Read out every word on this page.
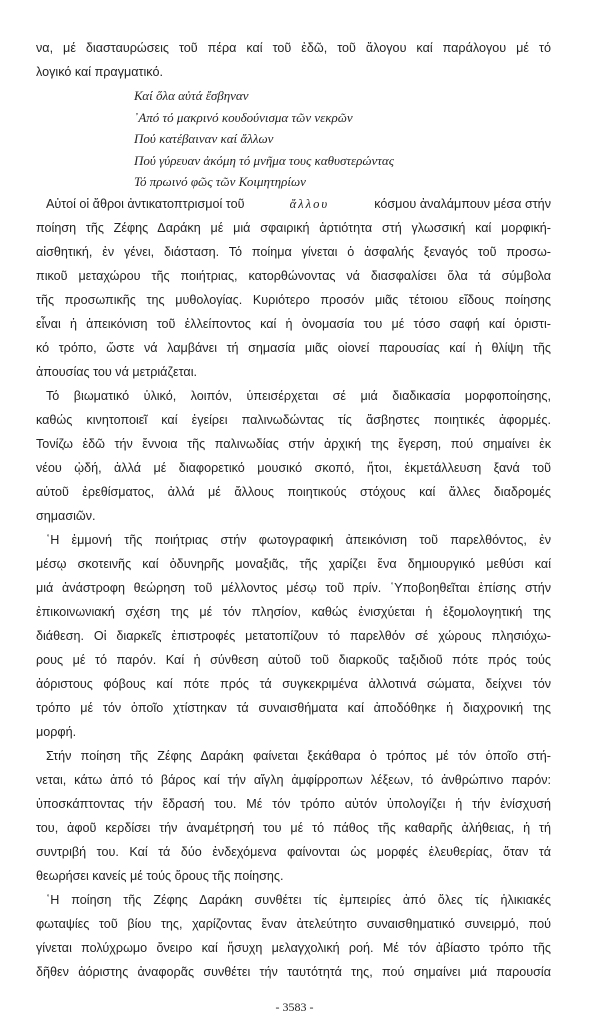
να, μέ διασταυρώσεις τοῦ πέρα καί τοῦ ἐδῶ, τοῦ ἄλογου καί παράλογου μέ τό
λογικό καί πραγματικό.
Καί ὅλα αὐτά ἔσβηναν
᾿Από τό μακρινό κουδούνισμα τῶν νεκρῶν
Πού κατέβαιναν καί ἄλλων
Πού γύρευαν ἀκόμη τό μνῆμα τους καθυστερώντας
Τό πρωινό φῶς τῶν Κοιμητηρίων
Αὐτοί οἱ ἄθροι ἀντικατοπτρισμοί τοῦ	ἄλλου	κόσμου ἀναλάμπουν μέσα στήν
ποίηση τῆς Ζέφης Δαράκη μέ μιά σφαιρική ἀρτιότητα στή γλωσσική καί μορφική-
αἰσθητική, ἐν γένει, διάσταση. Τό ποίημα γίνεται ὁ ἀσφαλής ξεναγός τοῦ προσω-
πικοῦ μεταχώρου τῆς ποιήτριας, κατορθώνοντας νά διασφαλίσει ὅλα τά σύμβολα
τῆς προσωπικῆς της μυθολογίας. Κυριότερο προσόν μιᾶς τέτοιου εἴδους ποίησης
εἶναι ἡ ἀπεικόνιση τοῦ ἐλλείποντος καί ἡ ὀνομασία του μέ τόσο σαφή καί ὁριστι-
κό τρόπο, ὥστε νά λαμβάνει τή σημασία μιᾶς οἱονεί παρουσίας καί ἡ θλίψη τῆς
ἀπουσίας του νά μετριάζεται.
Τό βιωματικό ὑλικό, λοιπόν, ὑπεισέρχεται σέ μιά διαδικασία μορφοποίησης,
καθώς κινητοποιεῖ καί ἐγείρει παλινωδώντας τίς ἄσβηστες ποιητικές ἀφορμές.
Τονίζω ἐδῶ τήν ἔννοια τῆς παλινωδίας στήν ἀρχική της ἔγερση, πού σημαίνει ἐκ
νέου ᾠδή, ἀλλά μέ διαφορετικό μουσικό σκοπό, ἤτοι, ἐκμετάλλευση ξανά τοῦ
αὐτοῦ ἐρεθίσματος, ἀλλά μέ ἄλλους ποιητικούς στόχους καί ἄλλες διαδρομές
σημασιῶν.
῾Η ἐμμονή τῆς ποιήτριας στήν φωτογραφική ἀπεικόνιση τοῦ παρελθόντος, ἐν
μέσῳ σκοτεινῆς καί ὀδυνηρῆς μοναξιᾶς, τῆς χαρίζει ἕνα δημιουργικό μεθύσι καί
μιά ἀνάστροφη θεώρηση τοῦ μέλλοντος μέσῳ τοῦ πρίν. ῾Υποβοηθεῖται ἐπίσης στήν
ἐπικοινωνιακή σχέση της μέ τόν πλησίον, καθώς ἐνισχύεται ἡ ἐξομολογητική της
διάθεση. Οἱ διαρκεῖς ἐπιστροφές μετατοπίζουν τό παρελθόν σέ χώρους πλησιόχω-
ρους μέ τό παρόν. Καί ἡ σύνθεση αὐτοῦ τοῦ διαρκοῦς ταξιδιοῦ πότε πρός τούς
ἀόριστους φόβους καί πότε πρός τά συγκεκριμένα ἀλλοτινά σώματα, δείχνει τόν
τρόπο μέ τόν ὁποῖο χτίστηκαν τά συναισθήματα καί ἀποδόθηκε ἡ διαχρονική της
μορφή.
Στήν ποίηση τῆς Ζέφης Δαράκη φαίνεται ξεκάθαρα ὁ τρόπος μέ τόν ὁποῖο στή-
νεται, κάτω ἀπό τό βάρος καί τήν αἴγλη ἀμφίρροπων λέξεων, τό ἀνθρώπινο παρόν:
ὑποσκάπτοντας τήν ἕδρασή του. Μέ τόν τρόπο αὐτόν ὑπολογίζει ἡ τήν ἐνίσχυσή
του, ἀφοῦ κερδίσει τήν ἀναμέτρησή του μέ τό πάθος τῆς καθαρῆς ἀλήθειας, ἡ τή
συντριβή του. Καί τά δύο ἐνδεχόμενα φαίνονται ὡς μορφές ἐλευθερίας, ὅταν τά
θεωρήσει κανείς μέ τούς ὅρους τῆς ποίησης.
῾Η ποίηση τῆς Ζέφης Δαράκη συνθέτει τίς ἐμπειρίες ἀπό ὅλες τίς ἡλικιακές
φωταψίες τοῦ βίου της, χαρίζοντας ἕναν ἀτελεύτητο συναισθηματικό συνειρμό, πού
γίνεται πολύχρωμο ὄνειρο καί ἥσυχη μελαγχολική ροή. Μέ τόν ἀβίαστο τρόπο τῆς
δῆθεν ἀόριστης ἀναφορᾶς συνθέτει τήν ταυτότητά της, πού σημαίνει μιά παρουσία
- 3583 -
